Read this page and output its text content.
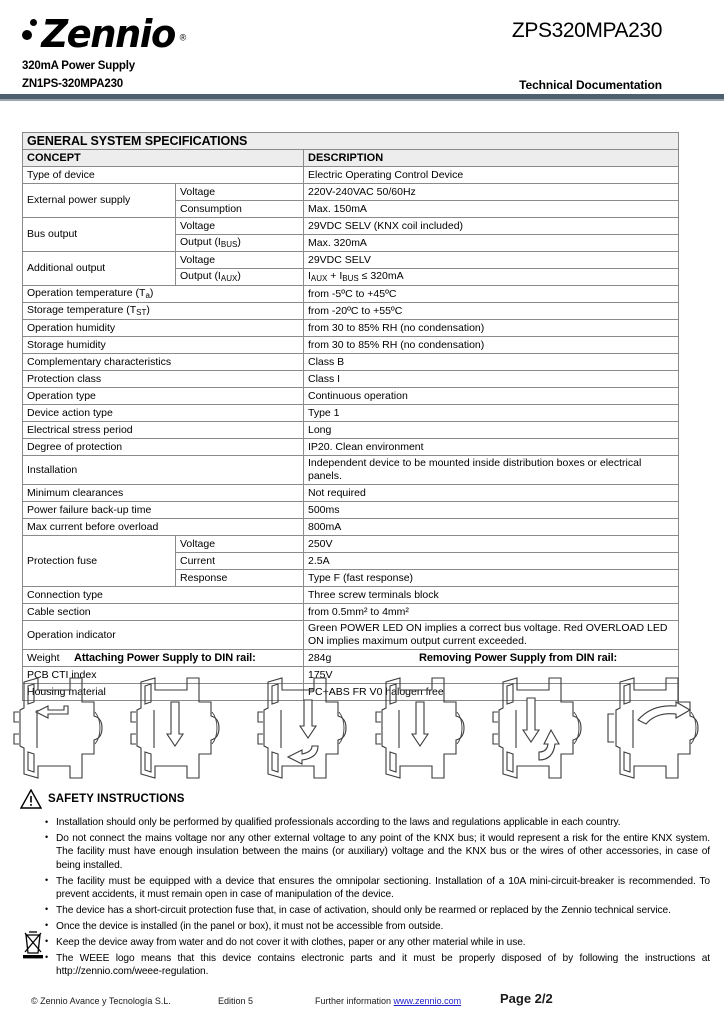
Zennio ®
320mA Power Supply
ZN1PS-320MPA230
ZPS320MPA230
Technical Documentation
GENERAL SYSTEM SPECIFICATIONS		
CONCEPT		DESCRIPTION
Type of device		Electric Operating Control Device
External power supply	Voltage	220V-240VAC 50/60Hz
	Consumption	Max. 150mA
Bus output	Voltage	29VDC SELV (KNX coil included)
	Output $(I_{BUS})$	Max. 320mA
Additional output	Voltage	29VDC SELV
	Output $(I_{AUX})$	$I_{AUX} + I_{BUS} \le 320mA$
Operation temperature $(T_a)$		from -5ºC to +45ºC
Storage temperature $(T_{ST})$		from -20ºC to +55ºC
Operation humidity		from 30 to 85% RH (no condensation)
Storage humidity		from 30 to 85% RH (no condensation)
Complementary characteristics		Class B
Protection class		Class I
Operation type		Continuous operation
Device action type		Type 1
Electrical stress period		Long
Degree of protection		IP20. Clean environment
Installation		Independent device to be mounted inside distribution boxes or electrical panels.
Minimum clearances		Not required
Power failure back-up time		500ms
Max current before overload		800mA
Protection fuse	Voltage	250V
	Current	2.5A
	Response	Type F (fast response)
Connection type		Three screw terminals block
Cable section		from 0.5mm² to 4mm²
Operation indicator		Green POWER LED ON implies a correct bus voltage. Red OVERLOAD LED ON implies maximum output current exceeded.
Weight		284g
PCB CTI index		175V
Housing material		PC+ABS FR V0 halogen free
Attaching Power Supply to DIN rail:	Removing Power Supply from DIN rail:
SAFETY INSTRUCTIONS
• Installation should only be performed by qualified professionals according to the laws and regulations applicable in each country.
• Do not connect the mains voltage nor any other external voltage to any point of the KNX bus; it would represent a risk for the entire KNX system. The facility must have enough insulation between the mains (or auxiliary) voltage and the KNX bus or the wires of other accessories, in case of being installed.
• The facility must be equipped with a device that ensures the omnipolar sectioning. Installation of a 10A mini-circuit-breaker is recommended. To prevent accidents, it must remain open in case of manipulation of the device.
• The device has a short-circuit protection fuse that, in case of activation, should only be rearmed or replaced by the Zennio technical service.
• Once the device is installed (in the panel or box), it must not be accessible from outside.
• Keep the device away from water and do not cover it with clothes, paper or any other material while in use.
• The WEEE logo means that this device contains electronic parts and it must be properly disposed of by following the instructions at http://zennio.com/weee-regulation.
© Zennio Avance y Tecnología S.L.	Edition 5	Further information www.zennio.com	Page 2/2
